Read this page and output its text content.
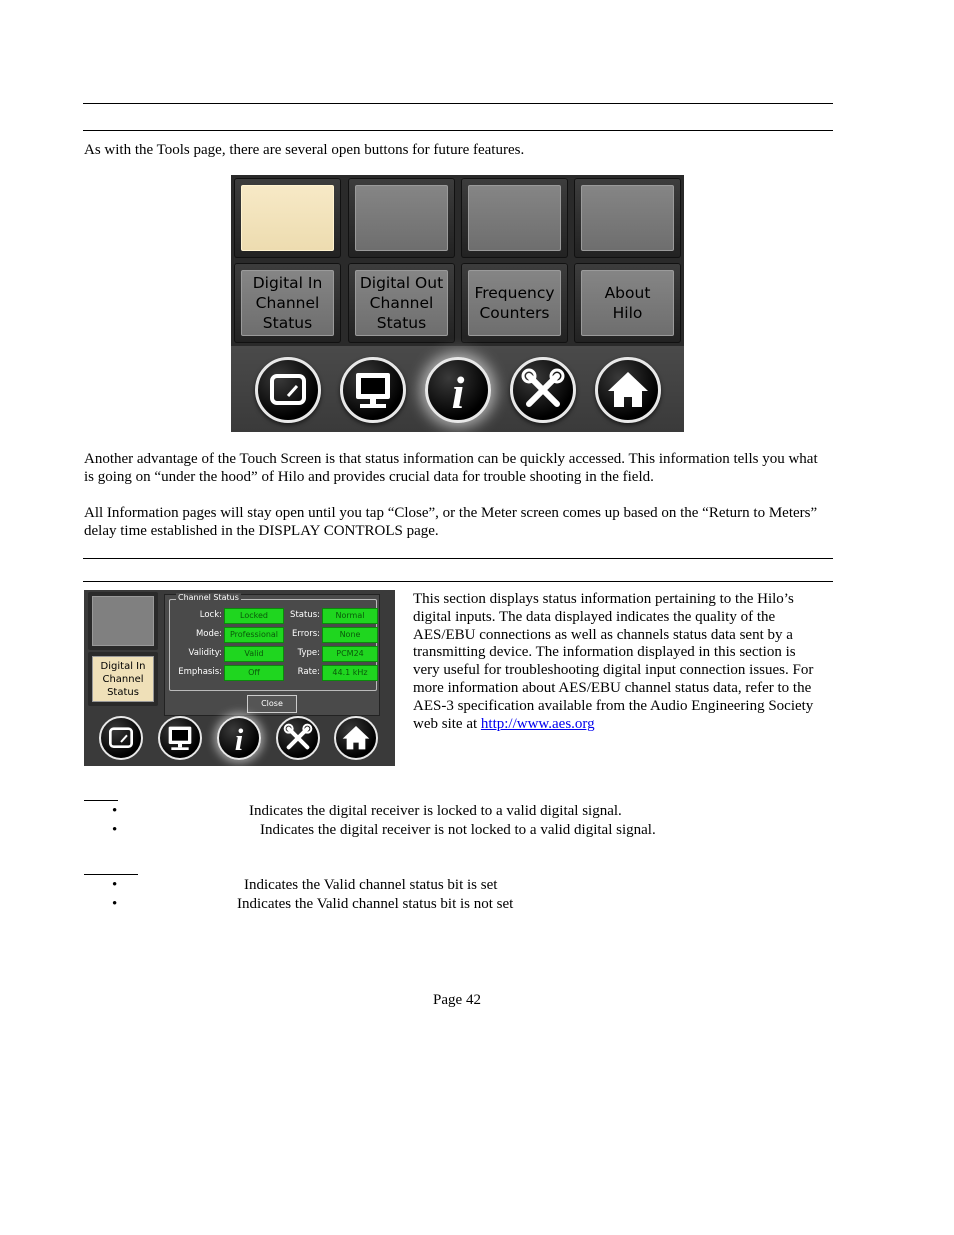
As with the Tools page, there are several open buttons for future features.

Digital In
Channel
Status
Digital Out
Channel
Status
Frequency
Counters
About
Hilo
i

Another advantage of the Touch Screen is that status information can be quickly accessed. This information tells you what is going on “under the hood” of Hilo and provides crucial data for trouble shooting in the field.

All Information pages will stay open until you tap “Close”, or the Meter screen comes up based on the “Return to Meters” delay time established in the DISPLAY CONTROLS page.

Digital In
Channel
Status
Channel Status
Lock:	Locked
Mode: Professional
Validity:	Valid
Emphasis:	Off
Status:	Normal
Errors:	None
Type:	PCM24
Rate:	44.1 kHz
Close
i

This section displays status information pertaining to the Hilo’s digital inputs. The data displayed indicates the quality of the AES/EBU connections as well as channels status data sent by a transmitting device. The information displayed in this section is very useful for troubleshooting digital input connection issues. For more information about AES/EBU channel status data, refer to the AES-3 specification available from the Audio Engineering Society web site at http://www.aes.org

•	Indicates the digital receiver is locked to a valid digital signal.
•	Indicates the digital receiver is not locked to a valid digital signal.
•	Indicates the Valid channel status bit is set
•	Indicates the Valid channel status bit is not set
Page 42
